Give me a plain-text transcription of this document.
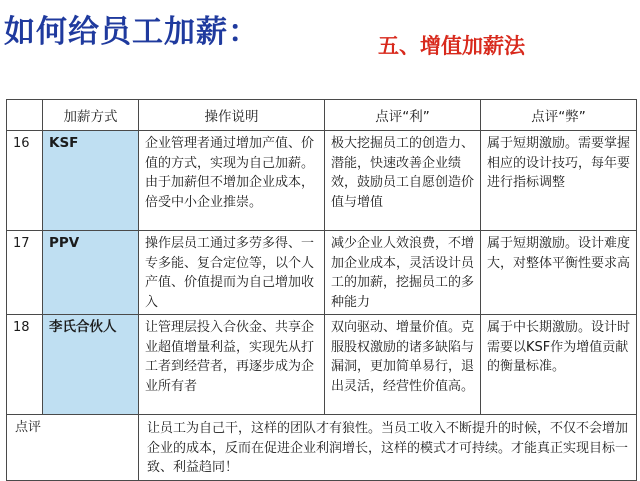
如何给员工加薪：	五、增值加薪法
	加薪方式	操作说明	点评“利”	点评“弊”
16	KSF	企业管理者通过增加产值、价值的方式，实现为自己加薪。由于加薪但不增加企业成本，倍受中小企业推崇。	极大挖掘员工的创造力、潜能，快速改善企业绩效，鼓励员工自愿创造价值与增值	属于短期激励。需要掌握相应的设计技巧，每年要进行指标调整
17	PPV	操作层员工通过多劳多得、一专多能、复合定位等，以个人产值、价值提而为自己增加收入	减少企业人效浪费，不增加企业成本，灵活设计员工的加薪，挖掘员工的多种能力	属于短期激励。设计难度大，对整体平衡性要求高
18	李氏合伙人	让管理层投入合伙金、共享企业超值增量利益，实现先从打工者到经营者，再逐步成为企业所有者	双向驱动、增量价值。克服股权激励的诸多缺陷与漏洞，更加简单易行，退出灵活，经营性价值高。	属于中长期激励。设计时需要以KSF作为增值贡献的衡量标准。
点评		让员工为自己干，这样的团队才有狼性。当员工收入不断提升的时候，不仅不会增加企业的成本，反而在促进企业利润增长，这样的模式才可持续。才能真正实现目标一致、利益趋同！		
